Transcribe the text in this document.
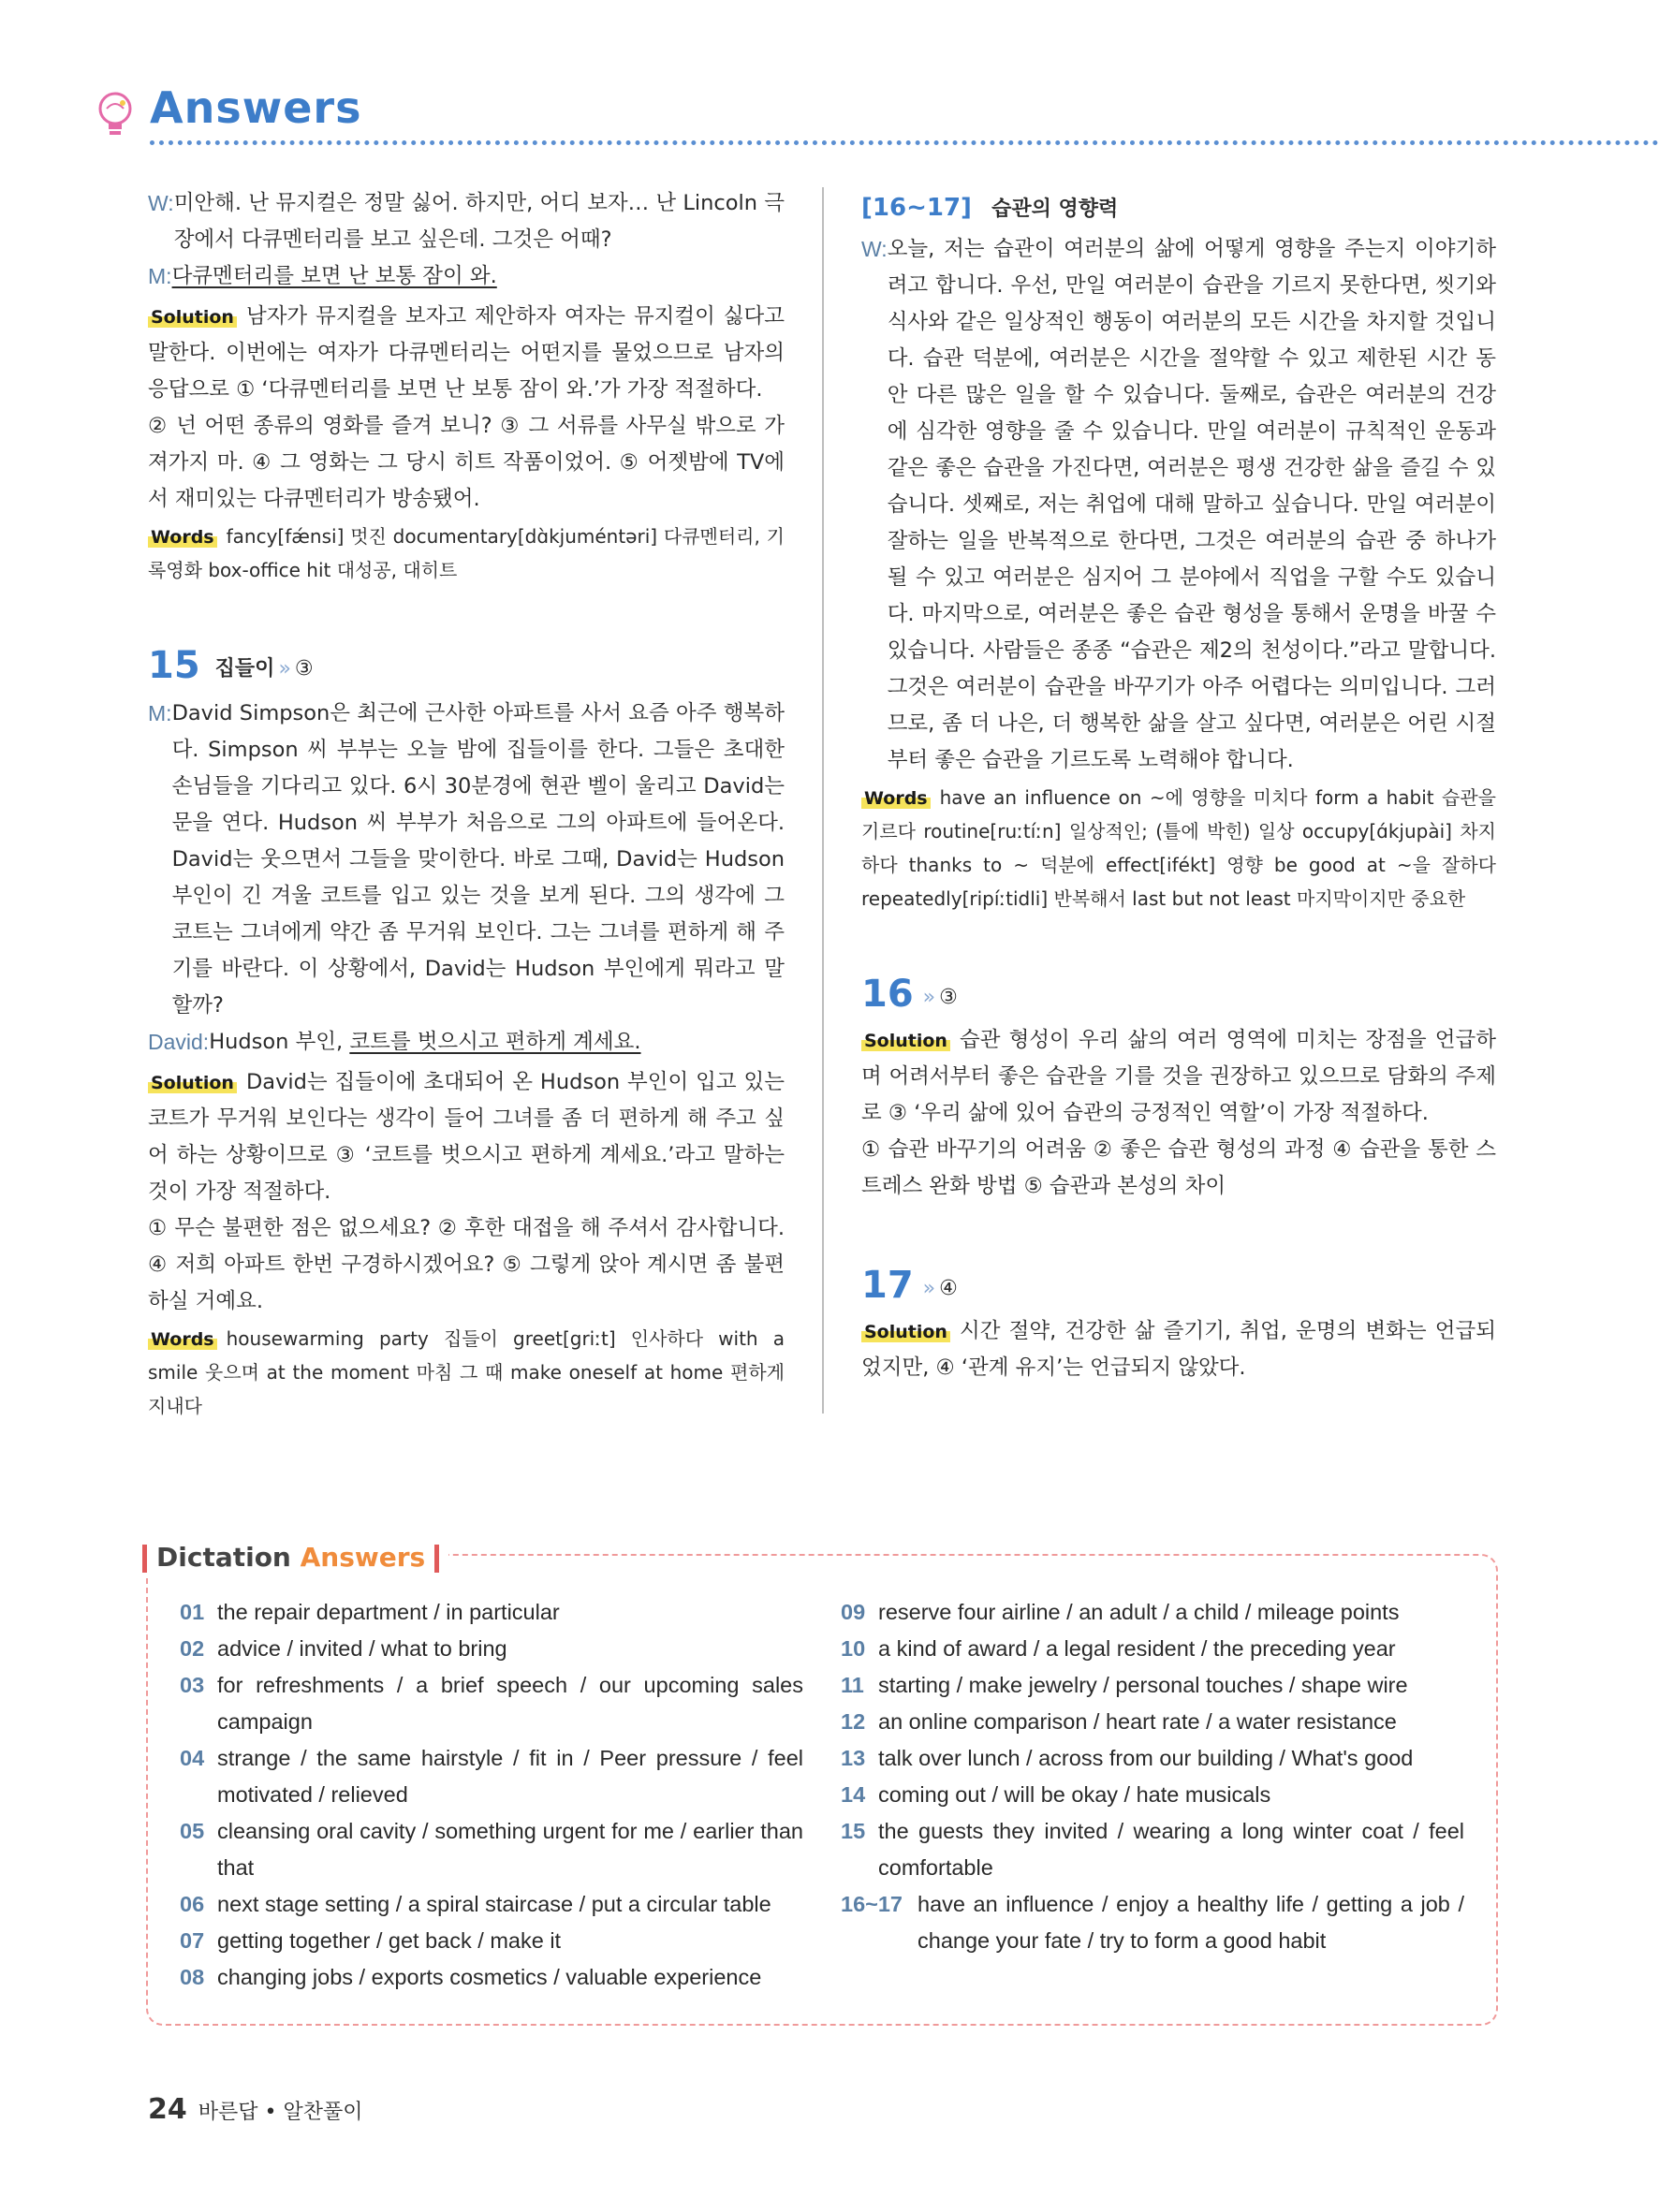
Answers
W: 미안해. 난 뮤지컬은 정말 싫어. 하지만, 어디 보자… 난 Lincoln 극장에서 다큐멘터리를 보고 싶은데. 그것은 어때?
M: 다큐멘터리를 보면 난 보통 잠이 와.

Solution 남자가 뮤지컬을 보자고 제안하자 여자는 뮤지컬이 싫다고 말한다. 이번에는 여자가 다큐멘터리는 어떤지를 물었으므로 남자의 응답으로 ① ‘다큐멘터리를 보면 난 보통 잠이 와.’가 가장 적절하다.

② 넌 어떤 종류의 영화를 즐겨 보니? ③ 그 서류를 사무실 밖으로 가져가지 마. ④ 그 영화는 그 당시 히트 작품이었어. ⑤ 어젯밤에 TV에서 재미있는 다큐멘터리가 방송됐어.

Words fancy[fǽnsi] 멋진 documentary[dɑ̀kjuméntəri] 다큐멘터리, 기록영화 box-office hit 대성공, 대히트

15 집들이 » ③
M: David Simpson은 최근에 근사한 아파트를 사서 요즘 아주 행복하다. Simpson 씨 부부는 오늘 밤에 집들이를 한다. 그들은 초대한 손님들을 기다리고 있다. 6시 30분경에 현관 벨이 울리고 David는 문을 연다. Hudson 씨 부부가 처음으로 그의 아파트에 들어온다. David는 웃으면서 그들을 맞이한다. 바로 그때, David는 Hudson 부인이 긴 겨울 코트를 입고 있는 것을 보게 된다. 그의 생각에 그 코트는 그녀에게 약간 좀 무거워 보인다. 그는 그녀를 편하게 해 주기를 바란다. 이 상황에서, David는 Hudson 부인에게 뭐라고 말할까?
David: Hudson 부인, 코트를 벗으시고 편하게 계세요.

Solution David는 집들이에 초대되어 온 Hudson 부인이 입고 있는 코트가 무거워 보인다는 생각이 들어 그녀를 좀 더 편하게 해 주고 싶어 하는 상황이므로 ③ ‘코트를 벗으시고 편하게 계세요.’라고 말하는 것이 가장 적절하다.

① 무슨 불편한 점은 없으세요? ② 후한 대접을 해 주셔서 감사합니다. ④ 저희 아파트 한번 구경하시겠어요? ⑤ 그렇게 앉아 계시면 좀 불편하실 거예요.

Words housewarming party 집들이 greet[griːt] 인사하다 with a smile 웃으며 at the moment 마침 그 때 make oneself at home 편하게 지내다

[16~17] 습관의 영향력
W: 오늘, 저는 습관이 여러분의 삶에 어떻게 영향을 주는지 이야기하려고 합니다. 우선, 만일 여러분이 습관을 기르지 못한다면, 씻기와 식사와 같은 일상적인 행동이 여러분의 모든 시간을 차지할 것입니다. 습관 덕분에, 여러분은 시간을 절약할 수 있고 제한된 시간 동안 다른 많은 일을 할 수 있습니다. 둘째로, 습관은 여러분의 건강에 심각한 영향을 줄 수 있습니다. 만일 여러분이 규칙적인 운동과 같은 좋은 습관을 가진다면, 여러분은 평생 건강한 삶을 즐길 수 있습니다. 셋째로, 저는 취업에 대해 말하고 싶습니다. 만일 여러분이 잘하는 일을 반복적으로 한다면, 그것은 여러분의 습관 중 하나가 될 수 있고 여러분은 심지어 그 분야에서 직업을 구할 수도 있습니다. 마지막으로, 여러분은 좋은 습관 형성을 통해서 운명을 바꿀 수 있습니다. 사람들은 종종 “습관은 제2의 천성이다.”라고 말합니다. 그것은 여러분이 습관을 바꾸기가 아주 어렵다는 의미입니다. 그러므로, 좀 더 나은, 더 행복한 삶을 살고 싶다면, 여러분은 어린 시절부터 좋은 습관을 기르도록 노력해야 합니다.

Words have an influence on ~에 영향을 미치다 form a habit 습관을 기르다 routine[ruːtíːn] 일상적인; (틀에 박힌) 일상 occupy[ɑ́kjupài] 차지하다 thanks to ~ 덕분에 effect[ifékt] 영향 be good at ~을 잘하다 repeatedly[ripíːtidli] 반복해서 last but not least 마지막이지만 중요한

16 » ③

Solution 습관 형성이 우리 삶의 여러 영역에 미치는 장점을 언급하며 어려서부터 좋은 습관을 기를 것을 권장하고 있으므로 담화의 주제로 ③ ‘우리 삶에 있어 습관의 긍정적인 역할’이 가장 적절하다.

① 습관 바꾸기의 어려움 ② 좋은 습관 형성의 과정 ④ 습관을 통한 스트레스 완화 방법 ⑤ 습관과 본성의 차이

17 » ④

Solution 시간 절약, 건강한 삶 즐기기, 취업, 운명의 변화는 언급되었지만, ④ ‘관계 유지’는 언급되지 않았다.

Dictation Answers
01 the repair department / in particular
02 advice / invited / what to bring
03 for refreshments / a brief speech / our upcoming sales campaign
04 strange / the same hairstyle / fit in / Peer pressure / feel motivated / relieved
05 cleansing oral cavity / something urgent for me / earlier than that
06 next stage setting / a spiral staircase / put a circular table
07 getting together / get back / make it
08 changing jobs / exports cosmetics / valuable experience
09 reserve four airline / an adult / a child / mileage points
10 a kind of award / a legal resident / the preceding year
11 starting / make jewelry / personal touches / shape wire
12 an online comparison / heart rate / a water resistance
13 talk over lunch / across from our building / What's good
14 coming out / will be okay / hate musicals
15 the guests they invited / wearing a long winter coat / feel comfortable
16~17 have an influence / enjoy a healthy life / getting a job / change your fate / try to form a good habit
24 바른답 • 알찬풀이
